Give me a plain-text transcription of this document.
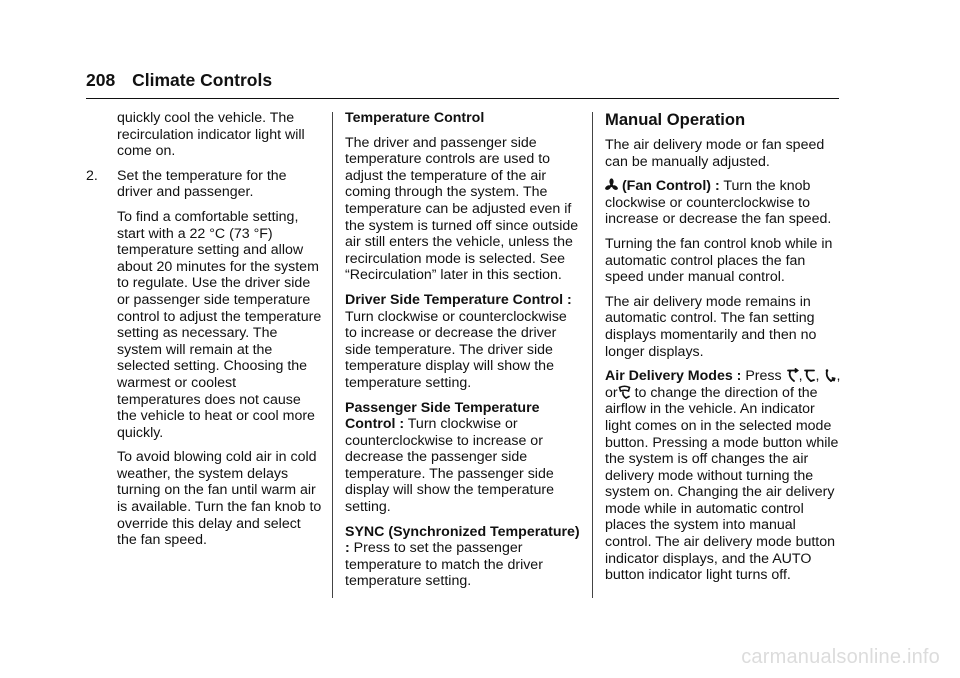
208 Climate Controls

quickly cool the vehicle. The recirculation indicator light will come on.

2.	Set the temperature for the driver and passenger.

To find a comfortable setting, start with a 22 °C (73 °F) temperature setting and allow about 20 minutes for the system to regulate. Use the driver side or passenger side temperature control to adjust the temperature setting as necessary. The system will remain at the selected setting. Choosing the warmest or coolest temperatures does not cause the vehicle to heat or cool more quickly.

To avoid blowing cold air in cold weather, the system delays turning on the fan until warm air is available. Turn the fan knob to override this delay and select the fan speed.

Temperature Control

The driver and passenger side temperature controls are used to adjust the temperature of the air coming through the system. The temperature can be adjusted even if the system is turned off since outside air still enters the vehicle, unless the recirculation mode is selected. See “Recirculation” later in this section.

Driver Side Temperature Control : Turn clockwise or counterclockwise to increase or decrease the driver side temperature. The driver side temperature display will show the temperature setting.

Passenger Side Temperature Control : Turn clockwise or counterclockwise to increase or decrease the passenger side temperature. The passenger side display will show the temperature setting.

SYNC (Synchronized Temperature) : Press to set the passenger temperature to match the driver temperature setting.

Manual Operation

The air delivery mode or fan speed can be manually adjusted.

(Fan Control) : Turn the knob clockwise or counterclockwise to increase or decrease the fan speed.

Turning the fan control knob while in automatic control places the fan speed under manual control.

The air delivery mode remains in automatic control. The fan setting displays momentarily and then no longer displays.

Air Delivery Modes : Press , , , or
to change the direction of the airflow in the vehicle. An indicator light comes on in the selected mode button. Pressing a mode button while the system is off changes the air delivery mode without turning the system on. Changing the air delivery mode while in automatic control places the system into manual control. The air delivery mode button indicator displays, and the AUTO button indicator light turns off.

carmanualsonline.info
